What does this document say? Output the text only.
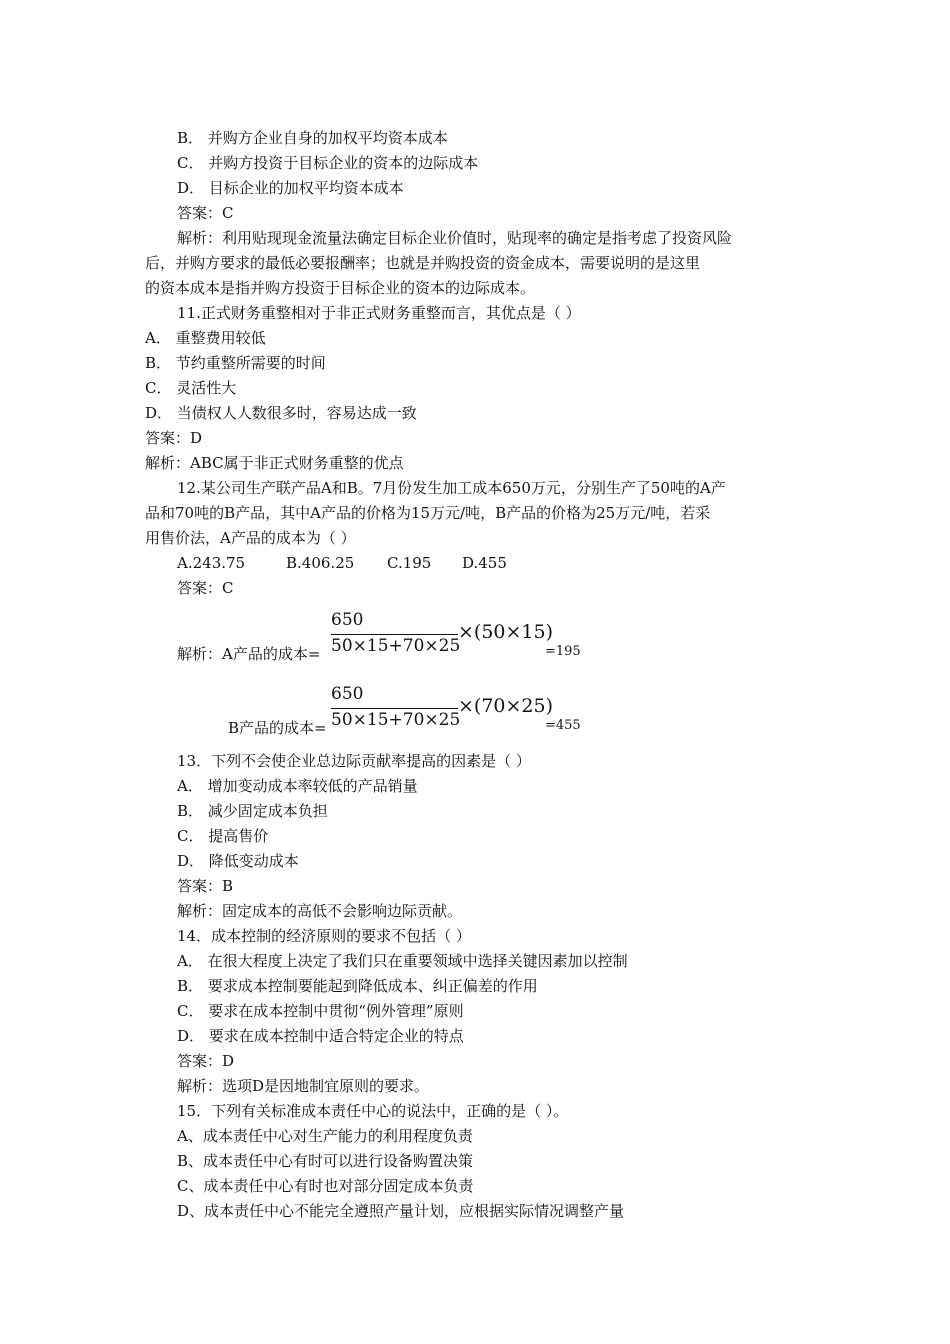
B． 并购方企业自身的加权平均资本成本
C． 并购方投资于目标企业的资本的边际成本
D． 目标企业的加权平均资本成本
答案：C
解析：利用贴现现金流量法确定目标企业价值时，贴现率的确定是指考虑了投资风险
后，并购方要求的最低必要报酬率；也就是并购投资的资金成本，需要说明的是这里
的资本成本是指并购方投资于目标企业的资本的边际成本。
11.正式财务重整相对于非正式财务重整而言，其优点是（ ）
A． 重整费用较低
B． 节约重整所需要的时间
C． 灵活性大
D． 当债权人人数很多时，容易达成一致
答案：D
解析：ABC属于非正式财务重整的优点
12.某公司生产联产品A和B。7月份发生加工成本650万元，分别生产了50吨的A产
品和70吨的B产品，其中A产品的价格为15万元/吨，B产品的价格为25万元/吨，若采
用售价法，A产品的成本为（ ）
A.243.75	B.406.25 C.195 D.455
答案：C
解析：A产品的成本=
650
50×15+70×25
×(50×15)
=195
B产品的成本=
650
50×15+70×25
×(70×25)
=455
13．下列不会使企业总边际贡献率提高的因素是（ ）
A． 增加变动成本率较低的产品销量
B． 减少固定成本负担
C． 提高售价
D． 降低变动成本
答案：B
解析：固定成本的高低不会影响边际贡献。
14．成本控制的经济原则的要求不包括（ ）
A． 在很大程度上决定了我们只在重要领域中选择关键因素加以控制
B． 要求成本控制要能起到降低成本、纠正偏差的作用
C． 要求在成本控制中贯彻“例外管理”原则
D． 要求在成本控制中适合特定企业的特点
答案：D
解析：选项D是因地制宜原则的要求。
15．下列有关标准成本责任中心的说法中，正确的是（ ）。
A、成本责任中心对生产能力的利用程度负责
B、成本责任中心有时可以进行设备购置决策
C、成本责任中心有时也对部分固定成本负责
D、成本责任中心不能完全遵照产量计划，应根据实际情况调整产量
